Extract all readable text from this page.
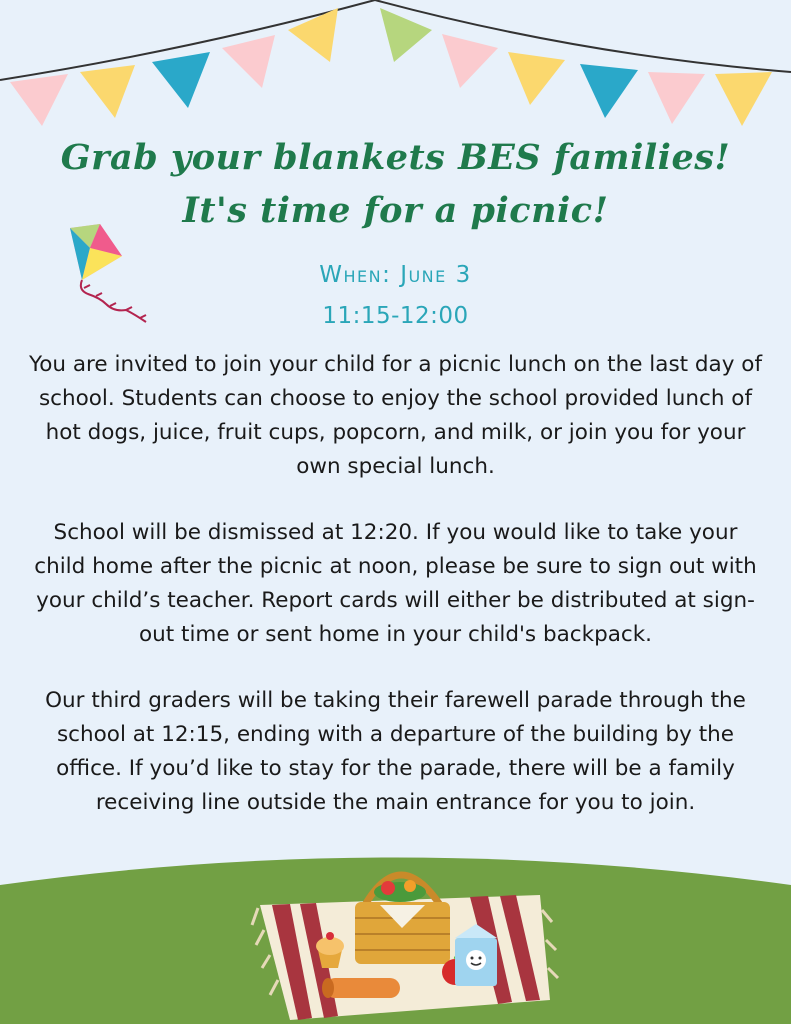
Grab your blankets BES families!
It's time for a picnic!
When: June 3
11:15-12:00

You are invited to join your child for a picnic lunch on the last day of school. Students can choose to enjoy the school provided lunch of hot dogs, juice, fruit cups, popcorn, and milk, or join you for your own special lunch.

School will be dismissed at 12:20. If you would like to take your child home after the picnic at noon, please be sure to sign out with your child’s teacher. Report cards will either be distributed at sign-out time or sent home in your child's backpack.

Our third graders will be taking their farewell parade through the school at 12:15, ending with a departure of the building by the office. If you’d like to stay for the parade, there will be a family receiving line outside the main entrance for you to join.
